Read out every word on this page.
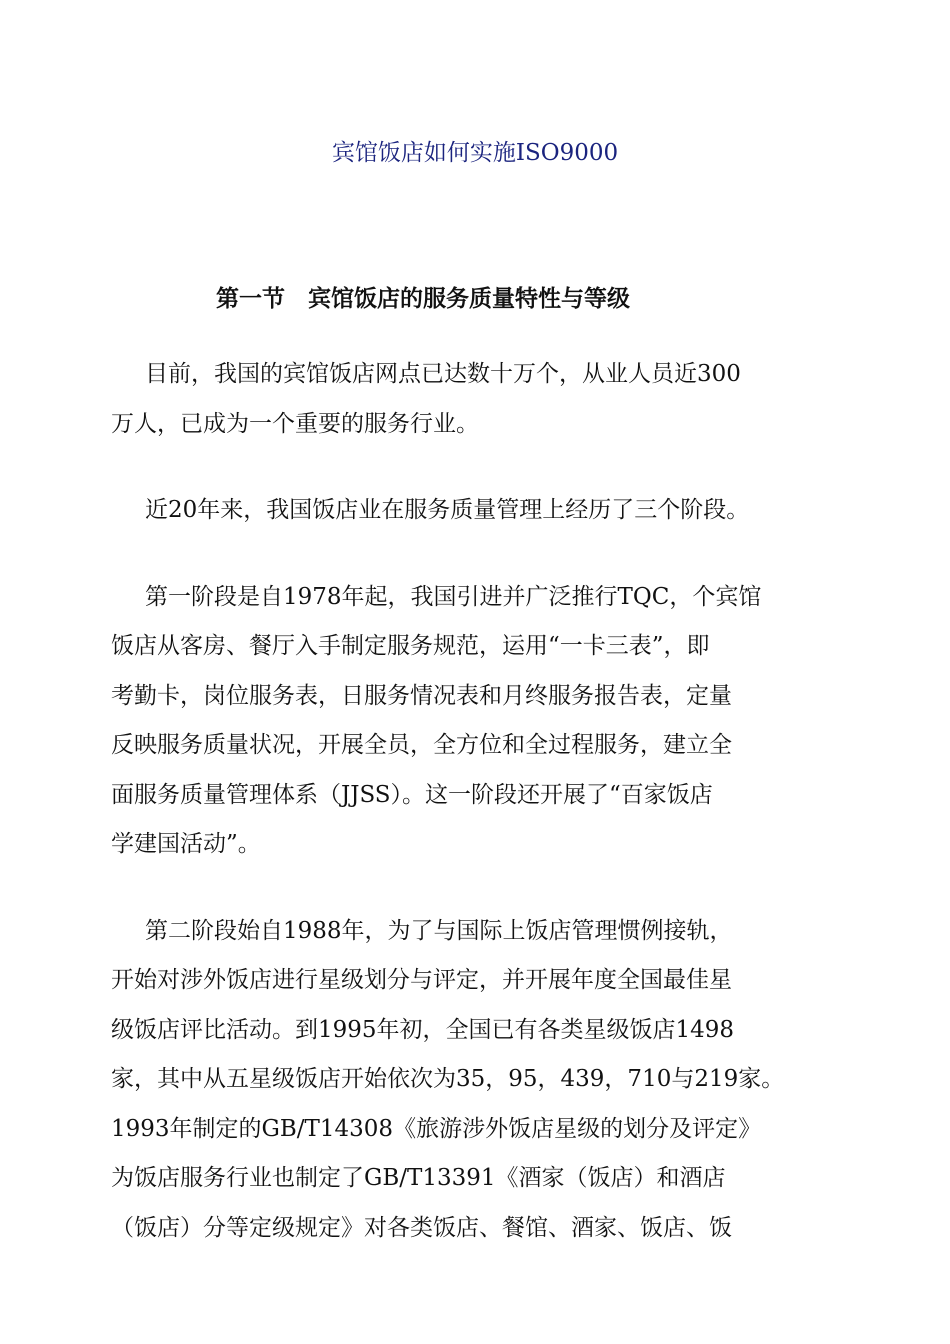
宾馆饭店如何实施ISO9000
第一节　宾馆饭店的服务质量特性与等级

目前，我国的宾馆饭店网点已达数十万个，从业人员近300
万人，已成为一个重要的服务行业。

近20年来，我国饭店业在服务质量管理上经历了三个阶段。

第一阶段是自1978年起，我国引进并广泛推行TQC，个宾馆
饭店从客房、餐厅入手制定服务规范，运用“一卡三表”，即
考勤卡，岗位服务表，日服务情况表和月终服务报告表，定量
反映服务质量状况，开展全员，全方位和全过程服务，建立全
面服务质量管理体系（JJSS）。这一阶段还开展了“百家饭店
学建国活动”。

第二阶段始自1988年，为了与国际上饭店管理惯例接轨，
开始对涉外饭店进行星级划分与评定，并开展年度全国最佳星
级饭店评比活动。到1995年初，全国已有各类星级饭店1498
家，其中从五星级饭店开始依次为35，95，439，710与219家。
1993年制定的GB/T14308《旅游涉外饭店星级的划分及评定》
为饭店服务行业也制定了GB/T13391《酒家（饭店）和酒店
（饭店）分等定级规定》对各类饭店、餐馆、酒家、饭店、饭
